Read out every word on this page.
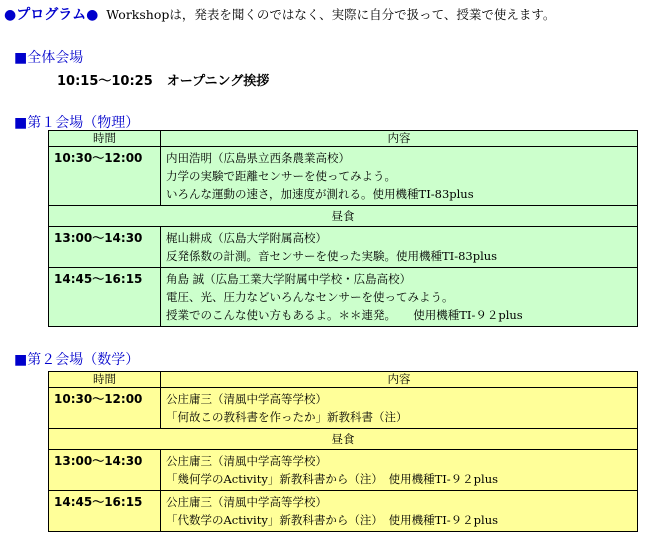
●プログラム● Workshopは，発表を聞くのではなく、実際に自分で扱って、授業で使えます。
■全体会場
10:15～10:25 オープニング挨拶
■第１会場（物理）
時間	内容
10:30～12:00	内田浩明（広島県立西条農業高校）
力学の実験で距離センサーを使ってみよう。
いろんな運動の速さ，加速度が測れる。使用機種TI-83plus

昼食	
13:00～14:30	梶山耕成（広島大学附属高校）
反発係数の計測。音センサーを使った実験。使用機種TI-83plus

14:45～16:15	角島 誠（広島工業大学附属中学校・広島高校）
電圧、光、圧力などいろんなセンサーを使ってみよう。
授業でのこんな使い方もあるよ。＊＊連発。　　使用機種TI-９２plus
■第２会場（数学）
時間	内容
10:30～12:00	公庄庸三（清風中学高等学校）
「何故この教科書を作ったか」新教科書（注）

昼食	
13:00～14:30	公庄庸三（清風中学高等学校）
「幾何学のActivity」新教科書から（注）　使用機種TI-９２plus

14:45～16:15	公庄庸三（清風中学高等学校）
「代数学のActivity」新教科書から（注）　使用機種TI-９２plus
